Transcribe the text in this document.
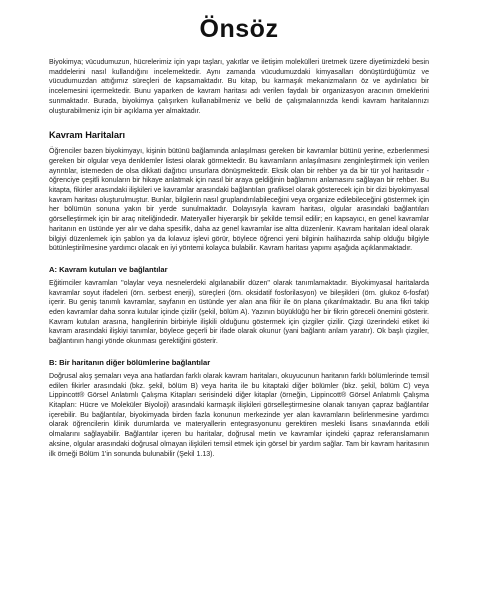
Önsöz

Biyokimya; vücudumuzun, hücrelerimiz için yapı taşları, yakıtlar ve iletişim molekülleri üretmek üzere diyetimizdeki besin maddelerini nasıl kullandığını incelemektedir. Aynı zamanda vücudumuzdaki kimyasalları dönüştürdüğümüz ve vücudumuzdan attığımız süreçleri de kapsamaktadır. Bu kitap, bu karmaşık mekanizmaların öz ve aydınlatıcı bir incelemesini içermektedir. Bunu yaparken de kavram haritası adı verilen faydalı bir organizasyon aracının örneklerini sunmaktadır. Burada, biyokimya çalışırken kullanabilmeniz ve belki de çalışmalarınızda kendi kavram haritalarınızı oluşturabilmeniz için bir açıklama yer almaktadır.

Kavram Haritaları

Öğrenciler bazen biyokimyayı, kişinin bütünü bağlamında anlaşılması gereken bir kavramlar bütünü yerine, ezberlenmesi gereken bir olgular veya denklemler listesi olarak görmektedir. Bu kavramların anlaşılmasını zenginleştirmek için verilen ayrıntılar, istemeden de olsa dikkati dağıtıcı unsurlara dönüşmektedir. Eksik olan bir rehber ya da bir tür yol haritasıdır - öğrenciye çeşitli konuların bir hikaye anlatmak için nasıl bir araya geldiğinin bağlamını anlamasını sağlayan bir rehber. Bu kitapta, fikirler arasındaki ilişkileri ve kavramlar arasındaki bağlantıları grafiksel olarak gösterecek için bir dizi biyokimyasal kavram haritası oluşturulmuştur. Bunlar, bilgilerin nasıl gruplandırılabileceğini veya organize edilebileceğini göstermek için her bölümün sonuna yakın bir yerde sunulmaktadır. Dolayısıyla kavram haritası, olgular arasındaki bağlantıları görselleştirmek için bir araç niteliğindedir. Materyaller hiyerarşik bir şekilde temsil edilir; en kapsayıcı, en genel kavramlar haritanın en üstünde yer alır ve daha spesifik, daha az genel kavramlar ise altta düzenlenir. Kavram haritaları ideal olarak bilgiyi düzenlemek için şablon ya da kılavuz işlevi görür, böylece öğrenci yeni bilginin halihazırda sahip olduğu bilgiyle bütünleştirilmesine yardımcı olacak en iyi yöntemi kolayca bulabilir. Kavram haritası yapımı aşağıda açıklanmaktadır.

A: Kavram kutuları ve bağlantılar

Eğitimciler kavramları "olaylar veya nesnelerdeki algılanabilir düzen" olarak tanımlamaktadır. Biyokimyasal haritalarda kavramlar soyut ifadeleri (örn. serbest enerji), süreçleri (örn. oksidatif fosforilasyon) ve bileşikleri (örn. glukoz 6-fosfat) içerir. Bu geniş tanımlı kavramlar, sayfanın en üstünde yer alan ana fikir ile ön plana çıkarılmaktadır. Bu ana fikri takip eden kavramlar daha sonra kutular içinde çizilir (şekil, bölüm A). Yazının büyüklüğü her bir fikrin göreceli önemini gösterir. Kavram kutuları arasına, hangilerinin birbiriyle ilişkili olduğunu göstermek için çizgiler çizilir. Çizgi üzerindeki etiket iki kavram arasındaki ilişkiyi tanımlar, böylece geçerli bir ifade olarak okunur (yani bağlantı anlam yaratır). Ok başlı çizgiler, bağlantının hangi yönde okunması gerektiğini gösterir.

B: Bir haritanın diğer bölümlerine bağlantılar

Doğrusal akış şemaları veya ana hatlardan farklı olarak kavram haritaları, okuyucunun haritanın farklı bölümlerinde temsil edilen fikirler arasındaki (bkz. şekil, bölüm B) veya harita ile bu kitaptaki diğer bölümler (bkz. şekil, bölüm C) veya Lippincott® Görsel Anlatımlı Çalışma Kitapları serisindeki diğer kitaplar (örneğin, Lippincott® Görsel Anlatımlı Çalışma Kitapları: Hücre ve Moleküler Biyoloji) arasındaki karmaşık ilişkileri görselleştirmesine olanak tanıyan çapraz bağlantılar içerebilir. Bu bağlantılar, biyokimyada birden fazla konunun merkezinde yer alan kavramların belirlenmesine yardımcı olarak öğrencilerin klinik durumlarda ve materyallerin entegrasyonunu gerektiren mesleki lisans sınavlarında etkili olmalarını sağlayabilir. Bağlantılar içeren bu haritalar, doğrusal metin ve kavramlar içindeki çapraz referanslamanın aksine, olgular arasındaki doğrusal olmayan ilişkileri temsil etmek için görsel bir yardım sağlar. Tam bir kavram haritasının ilk örneği Bölüm 1'in sonunda bulunabilir (Şekil 1.13).
